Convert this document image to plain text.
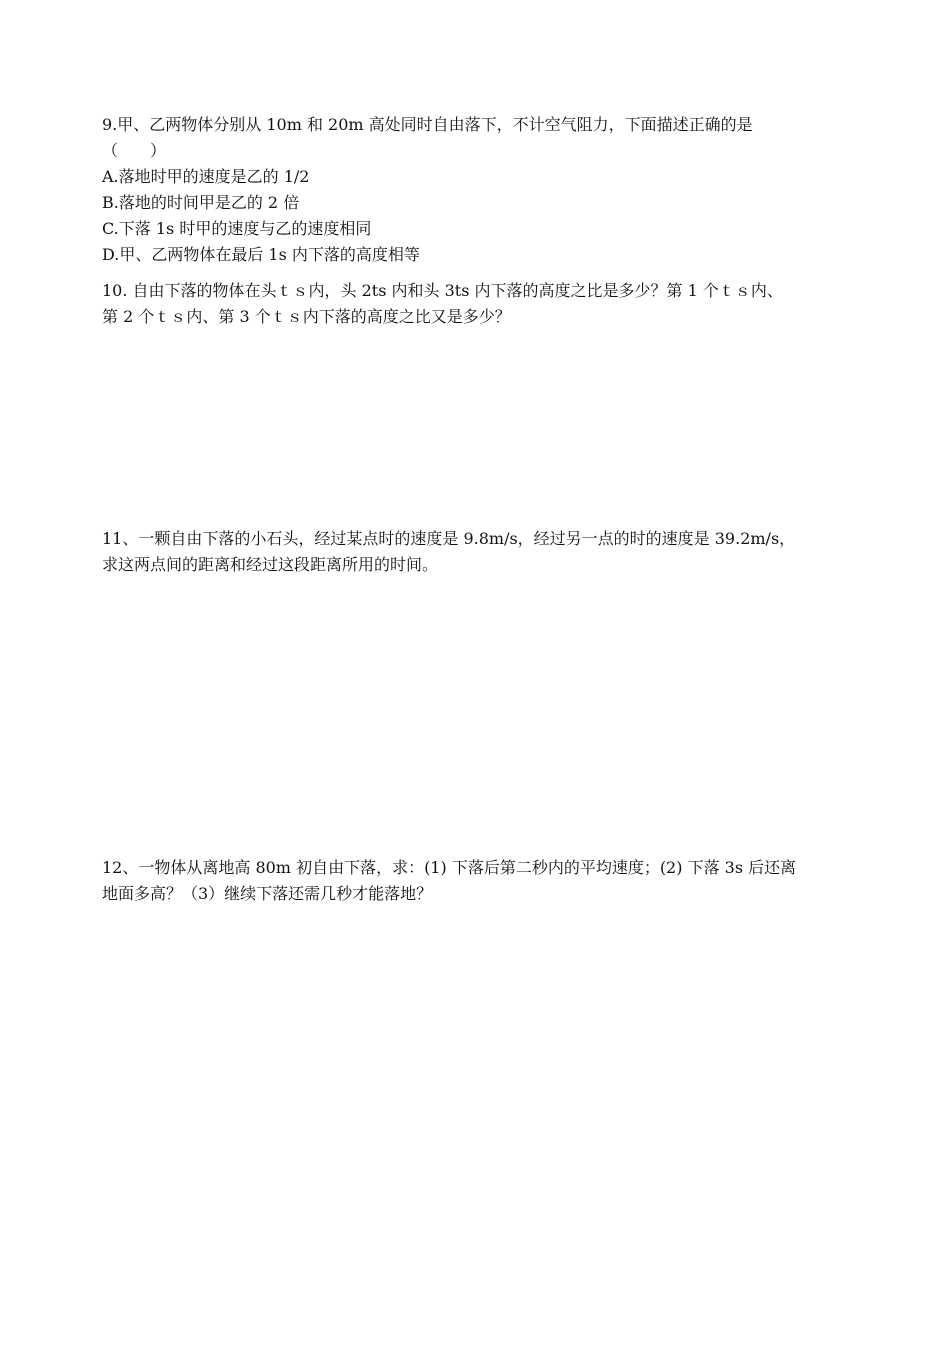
9.甲、乙两物体分别从 10m 和 20m 高处同时自由落下，不计空气阻力，下面描述正确的是
（　　）
A.落地时甲的速度是乙的 1/2
B.落地的时间甲是乙的 2 倍
C.下落 1s 时甲的速度与乙的速度相同
D.甲、乙两物体在最后 1s 内下落的高度相等
10. 自由下落的物体在头ｔｓ内，头 2ts 内和头 3ts 内下落的高度之比是多少？第 1 个ｔｓ内、
第 2 个ｔｓ内、第 3 个ｔｓ内下落的高度之比又是多少？
11、一颗自由下落的小石头，经过某点时的速度是 9.8m/s，经过另一点的时的速度是 39.2m/s，
求这两点间的距离和经过这段距离所用的时间。
12、一物体从离地高 80m 初自由下落，求：(1) 下落后第二秒内的平均速度；(2) 下落 3s 后还离
地面多高？（3）继续下落还需几秒才能落地？
